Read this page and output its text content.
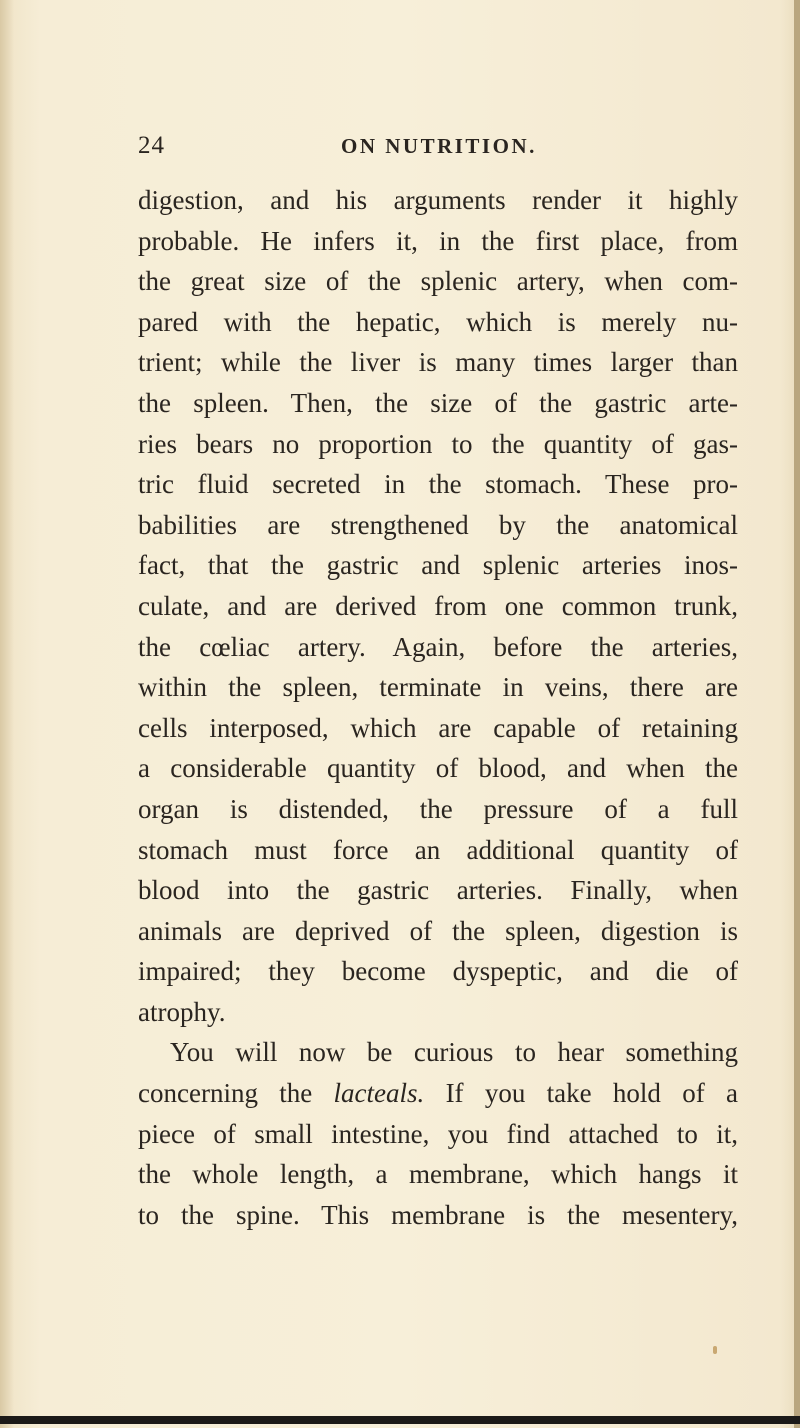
24	ON NUTRITION.
digestion, and his arguments render it highly
probable. He infers it, in the first place, from
the great size of the splenic artery, when com-
pared with the hepatic, which is merely nu-
trient; while the liver is many times larger than
the spleen. Then, the size of the gastric arte-
ries bears no proportion to the quantity of gas-
tric fluid secreted in the stomach. These pro-
babilities are strengthened by the anatomical
fact, that the gastric and splenic arteries inos-
culate, and are derived from one common trunk,
the cœliac artery. Again, before the arteries,
within the spleen, terminate in veins, there are
cells interposed, which are capable of retaining
a considerable quantity of blood, and when the
organ is distended, the pressure of a full
stomach must force an additional quantity of
blood into the gastric arteries. Finally, when
animals are deprived of the spleen, digestion is
impaired; they become dyspeptic, and die of
atrophy.
You will now be curious to hear something
concerning the lacteals. If you take hold of a
piece of small intestine, you find attached to it,
the whole length, a membrane, which hangs it
to the spine. This membrane is the mesentery,
